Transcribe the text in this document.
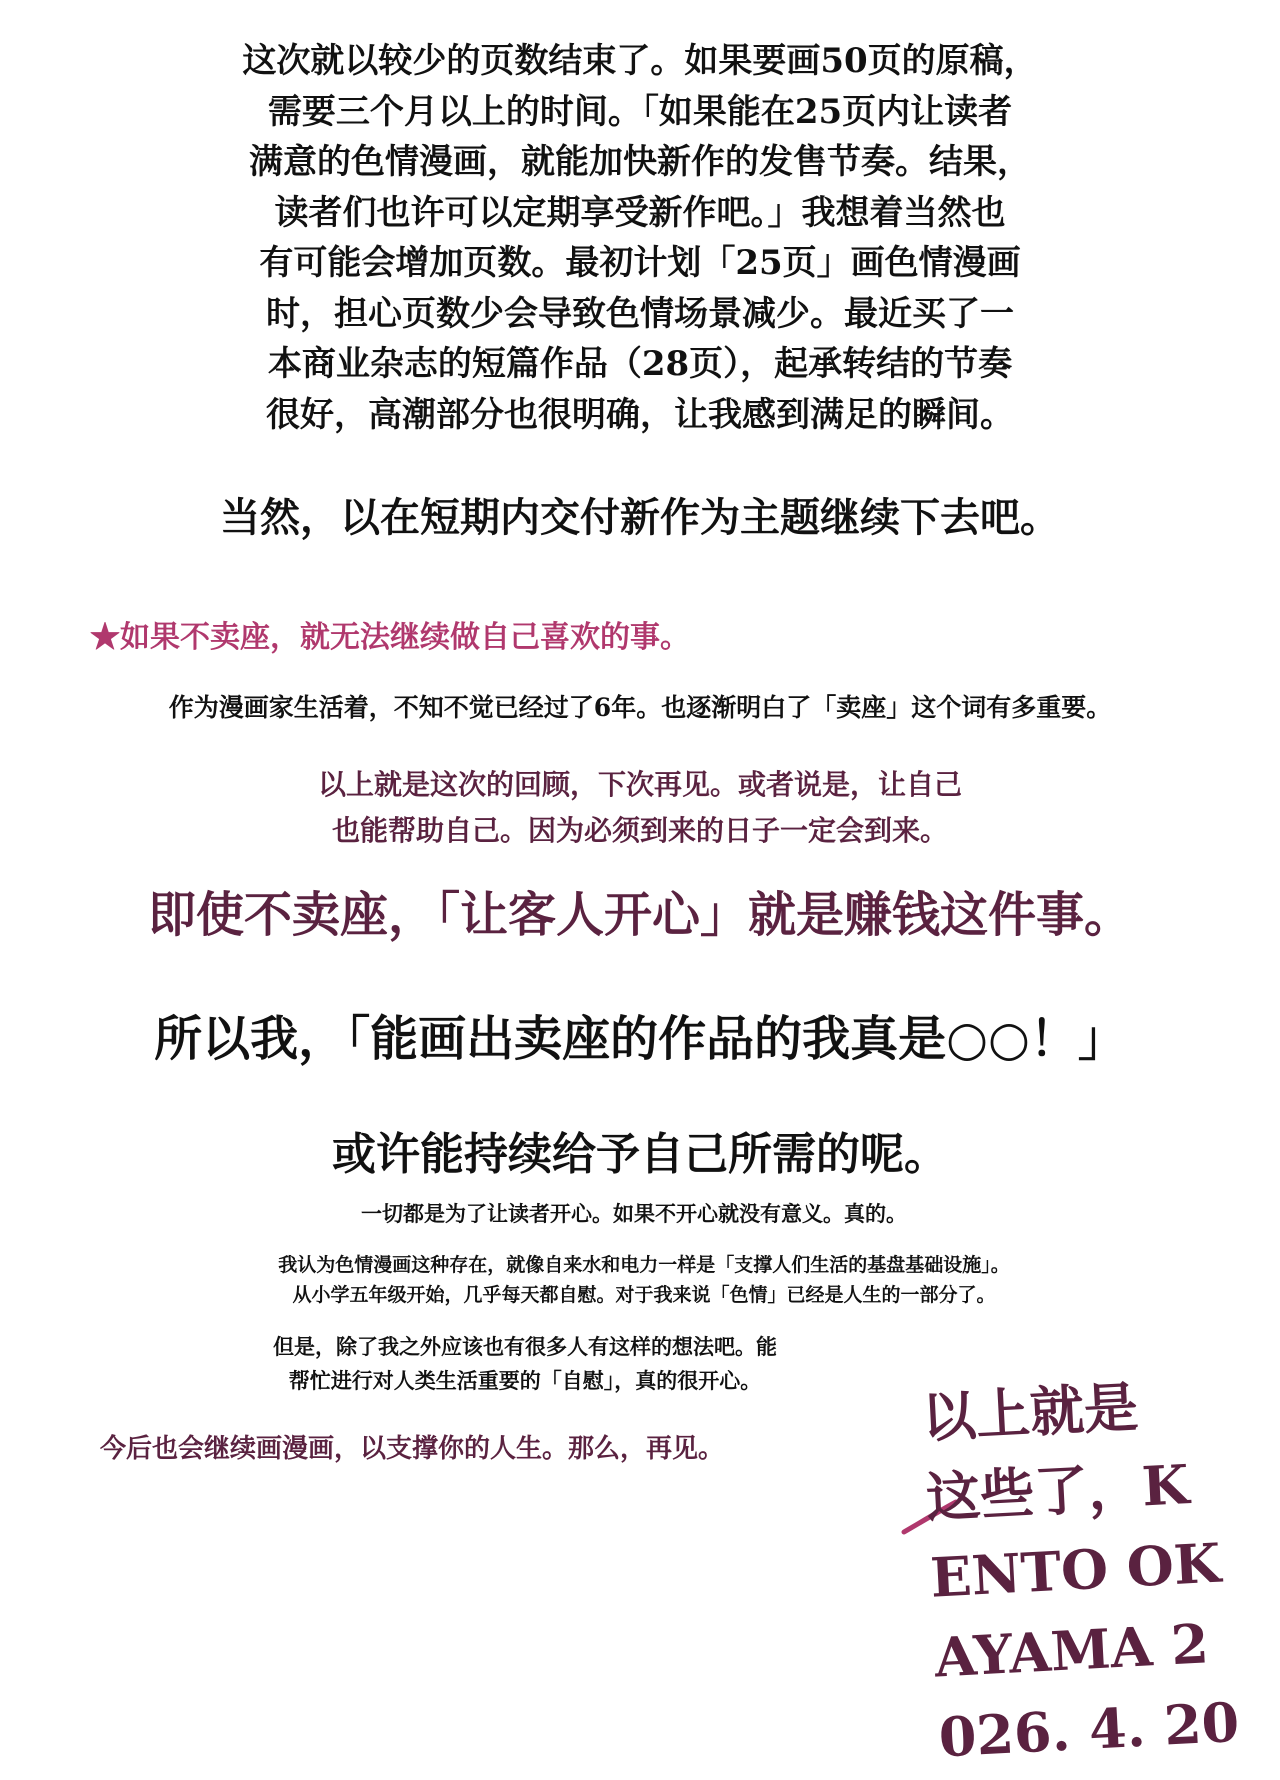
这次就以较少的页数结束了。如果要画50页的原稿，
需要三个月以上的时间。「如果能在25页内让读者
满意的色情漫画，就能加快新作的发售节奏。结果，
读者们也许可以定期享受新作吧。」我想着当然也
有可能会增加页数。最初计划「25页」画色情漫画
时，担心页数少会导致色情场景减少。最近买了一
本商业杂志的短篇作品（28页），起承转结的节奏
很好，高潮部分也很明确，让我感到满足的瞬间。
当然，以在短期内交付新作为主题继续下去吧。
★如果不卖座，就无法继续做自己喜欢的事。
作为漫画家生活着，不知不觉已经过了6年。也逐渐明白了「卖座」这个词有多重要。
以上就是这次的回顾，下次再见。或者说是，让自己
也能帮助自己。因为必须到来的日子一定会到来。
即使不卖座，「让客人开心」就是赚钱这件事。
所以我，「能画出卖座的作品的我真是○○！」
或许能持续给予自己所需的呢。
一切都是为了让读者开心。如果不开心就没有意义。真的。
我认为色情漫画这种存在，就像自来水和电力一样是「支撑人们生活的基盘基础设施」。
从小学五年级开始，几乎每天都自慰。对于我来说「色情」已经是人生的一部分了。
但是，除了我之外应该也有很多人有这样的想法吧。能
帮忙进行对人类生活重要的「自慰」，真的很开心。
今后也会继续画漫画，以支撑你的人生。那么，再见。	以上就是
这些了，K
ENTO OK
AYAMA 2
026. 4. 20
